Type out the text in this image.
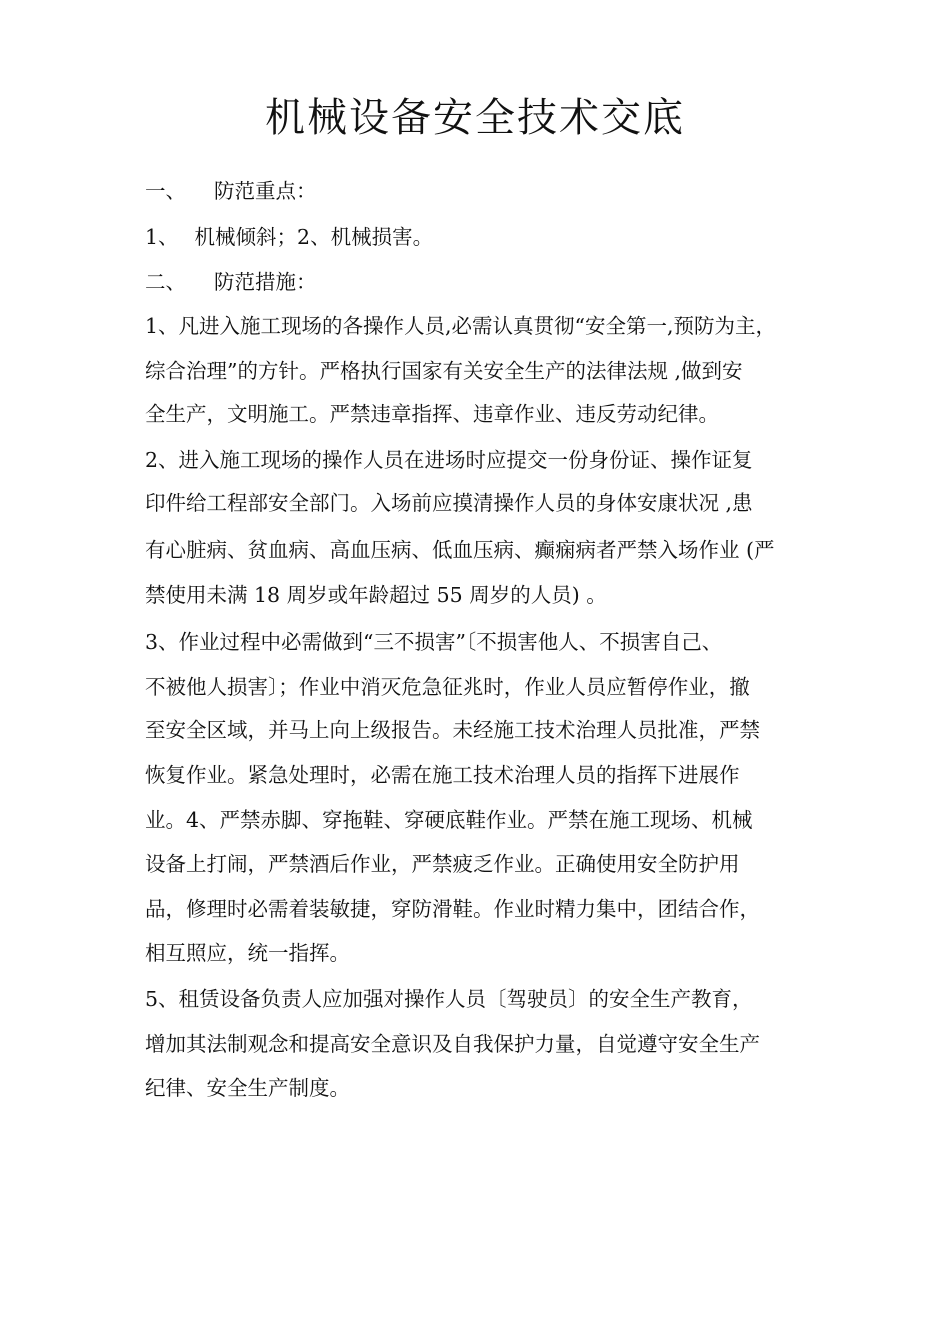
机械设备安全技术交底
一、 防范重点：
1、 机械倾斜；2、机械损害。
二、 防范措施：
1、凡进入施工现场的各操作人员,必需认真贯彻“安全第一,预防为主，
综合治理”的方针。严格执行国家有关安全生产的法律法规 ,做到安
全生产，文明施工。严禁违章指挥、违章作业、违反劳动纪律。
2、进入施工现场的操作人员在进场时应提交一份身份证、操作证复
印件给工程部安全部门。入场前应摸清操作人员的身体安康状况 ,患
有心脏病、贫血病、高血压病、低血压病、癫痫病者严禁入场作业 (严
禁使用未满 18 周岁或年龄超过 55 周岁的人员) 。
3、作业过程中必需做到“三不损害”〔不损害他人、不损害自己、
不被他人损害〕；作业中消灭危急征兆时，作业人员应暂停作业，撤
至安全区域，并马上向上级报告。未经施工技术治理人员批准，严禁
恢复作业。紧急处理时，必需在施工技术治理人员的指挥下进展作
业。4、严禁赤脚、穿拖鞋、穿硬底鞋作业。严禁在施工现场、机械
设备上打闹，严禁酒后作业，严禁疲乏作业。正确使用安全防护用
品，修理时必需着装敏捷，穿防滑鞋。作业时精力集中，团结合作，
相互照应，统一指挥。
5、租赁设备负责人应加强对操作人员〔驾驶员〕的安全生产教育，
增加其法制观念和提高安全意识及自我保护力量，自觉遵守安全生产
纪律、安全生产制度。
